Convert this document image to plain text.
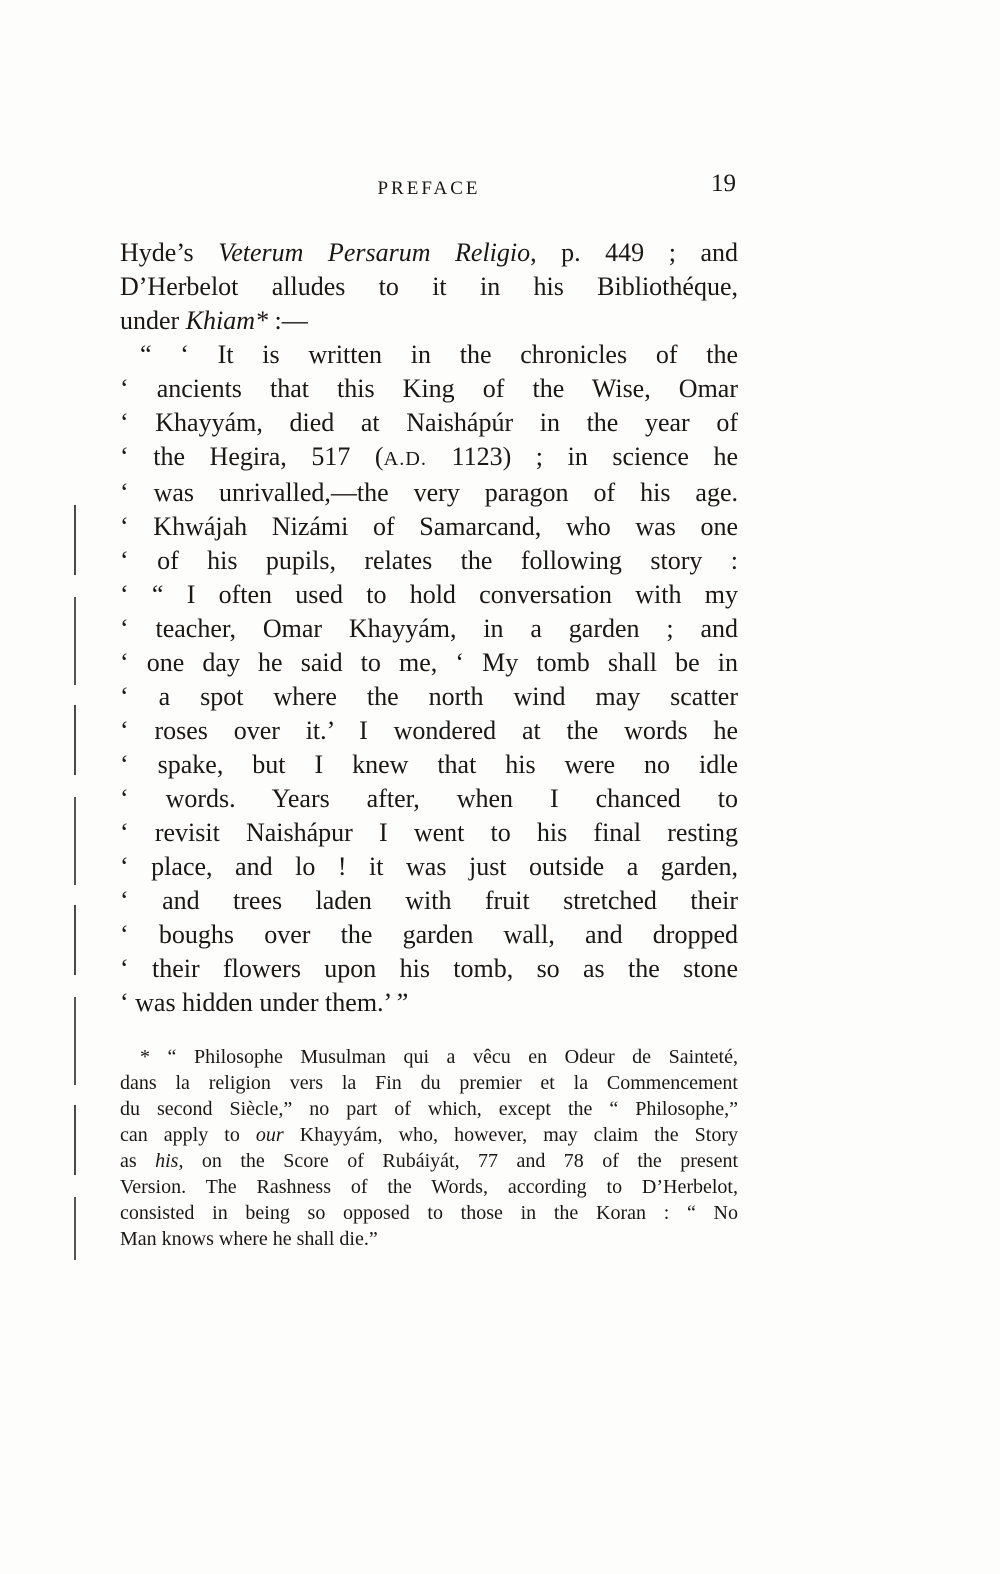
PREFACE	19
Hyde’s Veterum Persarum Religio, p. 449 ; and
D’Herbelot alludes to it in his Bibliothéque,
under Khiam* :—
“ ‘ It is written in the chronicles of the
‘ ancients that this King of the Wise, Omar
‘ Khayyám, died at Naishápúr in the year of
‘ the Hegira, 517 (A.D. 1123) ; in science he
‘ was unrivalled,—the very paragon of his age.
‘ Khwájah Nizámi of Samarcand, who was one
‘ of his pupils, relates the following story :
‘ “ I often used to hold conversation with my
‘ teacher, Omar Khayyám, in a garden ; and
‘ one day he said to me, ‘ My tomb shall be in
‘ a spot where the north wind may scatter
‘ roses over it.’ I wondered at the words he
‘ spake, but I knew that his were no idle
‘ words. Years after, when I chanced to
‘ revisit Naishápur I went to his final resting
‘ place, and lo ! it was just outside a garden,
‘ and trees laden with fruit stretched their
‘ boughs over the garden wall, and dropped
‘ their flowers upon his tomb, so as the stone
‘ was hidden under them.’ ”
* “ Philosophe Musulman qui a vêcu en Odeur de Sainteté,
dans la religion vers la Fin du premier et la Commencement
du second Siècle,” no part of which, except the “ Philosophe,”
can apply to our Khayyám, who, however, may claim the Story
as his, on the Score of Rubáiyát, 77 and 78 of the present
Version. The Rashness of the Words, according to D’Herbelot,
consisted in being so opposed to those in the Koran : “ No
Man knows where he shall die.”
